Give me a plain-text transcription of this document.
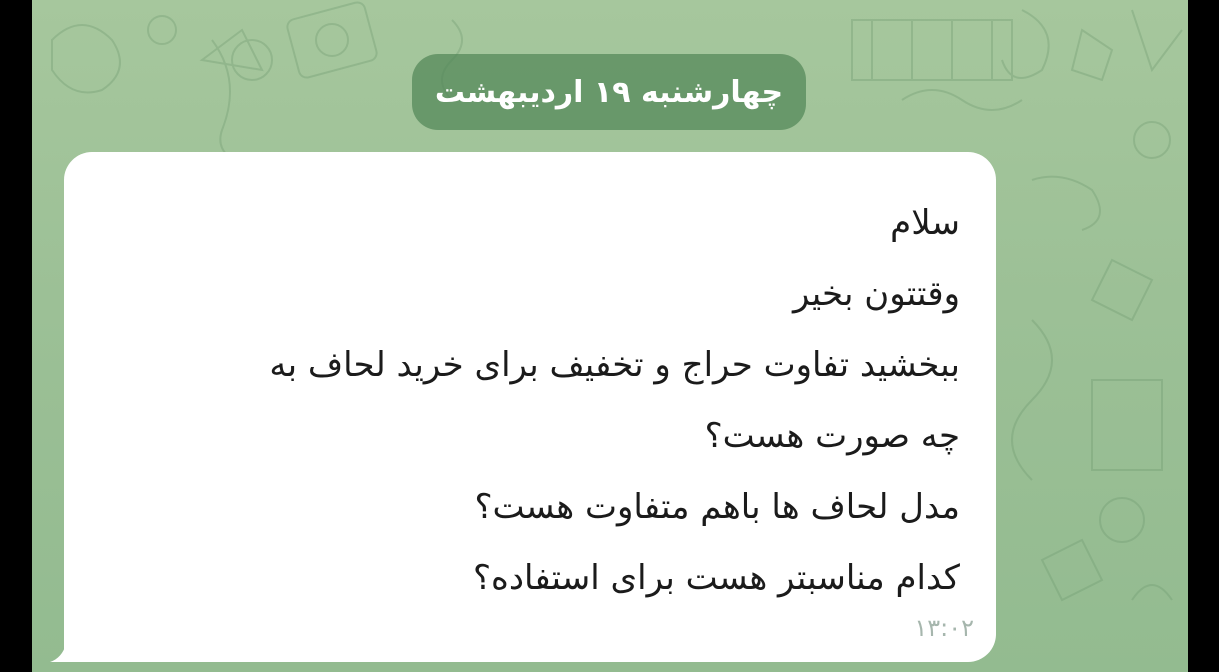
چهارشنبه ۱۹ اردیبهشت
سلام
وقتتون بخیر
ببخشید تفاوت حراج و تخفیف برای خرید لحاف به
چه صورت هست؟
مدل لحاف ها باهم متفاوت هست؟
کدام مناسبتر هست برای استفاده؟
۱۳:۰۲
